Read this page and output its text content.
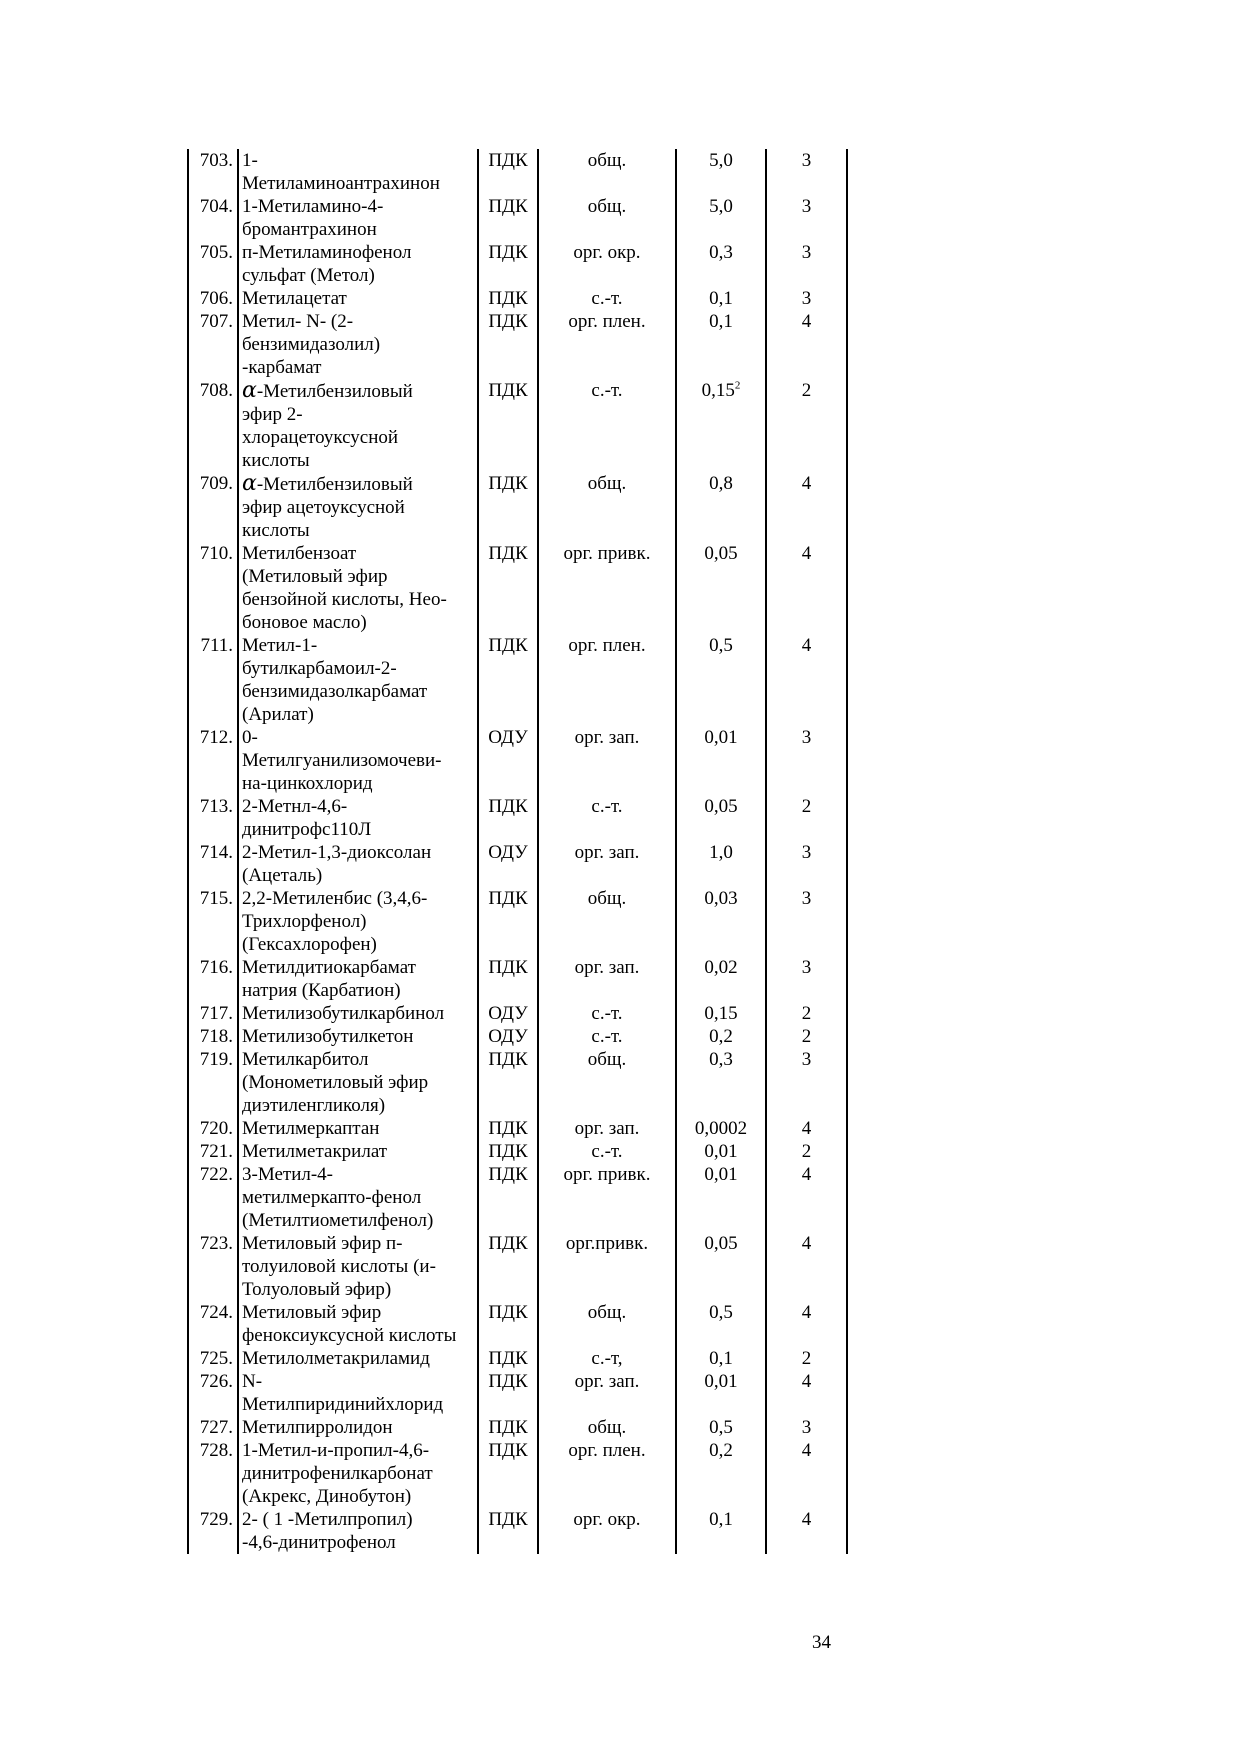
703.	1-
Метиламиноантрахинон	ПДК	общ.	5,0	3
704.	1-Метиламино-4-
бромантрахинон	ПДК	общ.	5,0	3
705.	п-Метиламинофенол
сульфат (Метол)	ПДК	орг. окр.	0,3	3
706.	Метилацетат	ПДК	с.-т.	0,1	3
707.	Метил- N- (2-
бензимидазолил)
-карбамат	ПДК	орг. плен.	0,1	4
708.	α-Метилбензиловый
эфир 2-
хлорацетоуксусной
кислоты	ПДК	с.-т.	0,15$^2$	2
709.	α-Метилбензиловый
эфир ацетоуксусной
кислоты	ПДК	общ.	0,8	4
710.	Метилбензоат
(Метиловый эфир
бензойной кислоты, Нео-
боновое масло)	ПДК	орг. привк.	0,05	4
711.	Метил-1-
бутилкарбамоил-2-
бензимидазолкарбамат
(Арилат)	ПДК	орг. плен.	0,5	4
712.	0-
Метилгуанилизомочеви-
на-цинкохлорид	ОДУ	орг. зап.	0,01	3
713.	2-Метнл-4,6-
динитрофс110Л	ПДК	с.-т.	0,05	2
714.	2-Метил-1,3-диоксолан
(Ацеталь)	ОДУ	орг. зап.	1,0	3
715.	2,2-Метиленбис (3,4,6-
Трихлорфенол)
(Гексахлорофен)	ПДК	общ.	0,03	3
716.	Метилдитиокарбамат
натрия (Карбатион)	ПДК	орг. зап.	0,02	3
717.	Метилизобутилкарбинол	ОДУ	с.-т.	0,15	2
718.	Метилизобутилкетон	ОДУ	с.-т.	0,2	2
719.	Метилкарбитол
(Монометиловый эфир
диэтиленгликоля)	ПДК	общ.	0,3	3
720.	Метилмеркаптан	ПДК	орг. зап.	0,0002	4
721.	Метилметакрилат	ПДК	с.-т.	0,01	2
722.	3-Метил-4-
метилмеркапто-фенол
(Метилтиометилфенол)	ПДК	орг. привк.	0,01	4
723.	Метиловый эфир п-
толуиловой кислоты (и-
Толуоловый эфир)	ПДК	орг.привк.	0,05	4
724.	Метиловый эфир
феноксиуксусной кислоты	ПДК	общ.	0,5	4
725.	Метилолметакриламид	ПДК	с.-т,	0,1	2
726.	N-
Метилпиридинийхлорид	ПДК	орг. зап.	0,01	4
727.	Метилпирролидон	ПДК	общ.	0,5	3
728.	1-Метил-и-пропил-4,6-
динитрофенилкарбонат
(Акрекс, Динобутон)	ПДК	орг. плен.	0,2	4
729.	2- ( 1 -Метилпропил)
-4,6-динитрофенол	ПДК	орг. окр.	0,1	4
34
